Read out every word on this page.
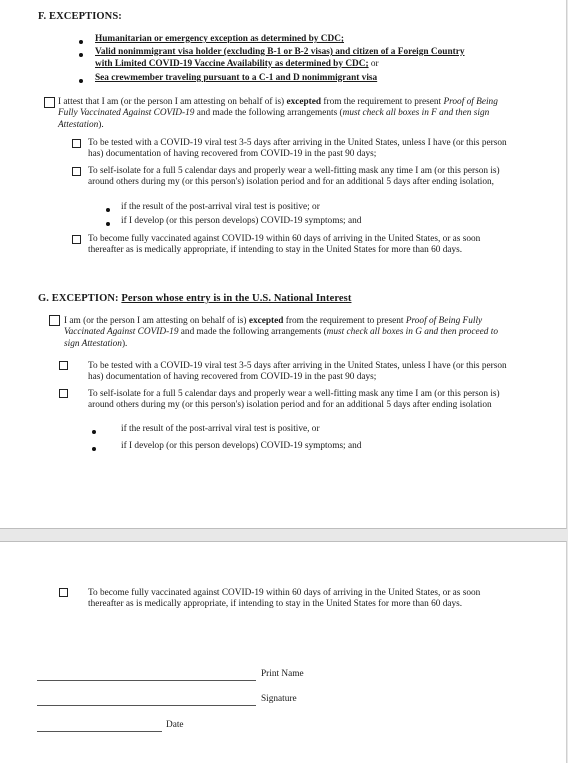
F. EXCEPTIONS:
Humanitarian or emergency exception as determined by CDC;
Valid nonimmigrant visa holder (excluding B-1 or B-2 visas) and citizen of a Foreign Country
with Limited COVID-19 Vaccine Availability as determined by CDC; or
Sea crewmember traveling pursuant to a C-1 and D nonimmigrant visa
I attest that I am (or the person I am attesting on behalf of is) excepted from the requirement to present Proof of Being Fully Vaccinated Against COVID-19 and made the following arrangements (must check all boxes in F and then sign Attestation).
To be tested with a COVID-19 viral test 3-5 days after arriving in the United States, unless I have (or this person has) documentation of having recovered from COVID-19 in the past 90 days;
To self-isolate for a full 5 calendar days and properly wear a well-fitting mask any time I am (or this person is) around others during my (or this person's) isolation period and for an additional 5 days after ending isolation,
if the result of the post-arrival viral test is positive; or
if I develop (or this person develops) COVID-19 symptoms; and
To become fully vaccinated against COVID-19 within 60 days of arriving in the United States, or as soon thereafter as is medically appropriate, if intending to stay in the United States for more than 60 days.
G. EXCEPTION: Person whose entry is in the U.S. National Interest
I am (or the person I am attesting on behalf of is) excepted from the requirement to present Proof of Being Fully Vaccinated Against COVID-19 and made the following arrangements (must check all boxes in G and then proceed to sign Attestation).
To be tested with a COVID-19 viral test 3-5 days after arriving in the United States, unless I have (or this person has) documentation of having recovered from COVID-19 in the past 90 days;
To self-isolate for a full 5 calendar days and properly wear a well-fitting mask any time I am (or this person is) around others during my (or this person's) isolation period and for an additional 5 days after ending isolation
if the result of the post-arrival viral test is positive, or
if I develop (or this person develops) COVID-19 symptoms; and
To become fully vaccinated against COVID-19 within 60 days of arriving in the United States, or as soon thereafter as is medically appropriate, if intending to stay in the United States for more than 60 days.
Print Name
Signature
Date
